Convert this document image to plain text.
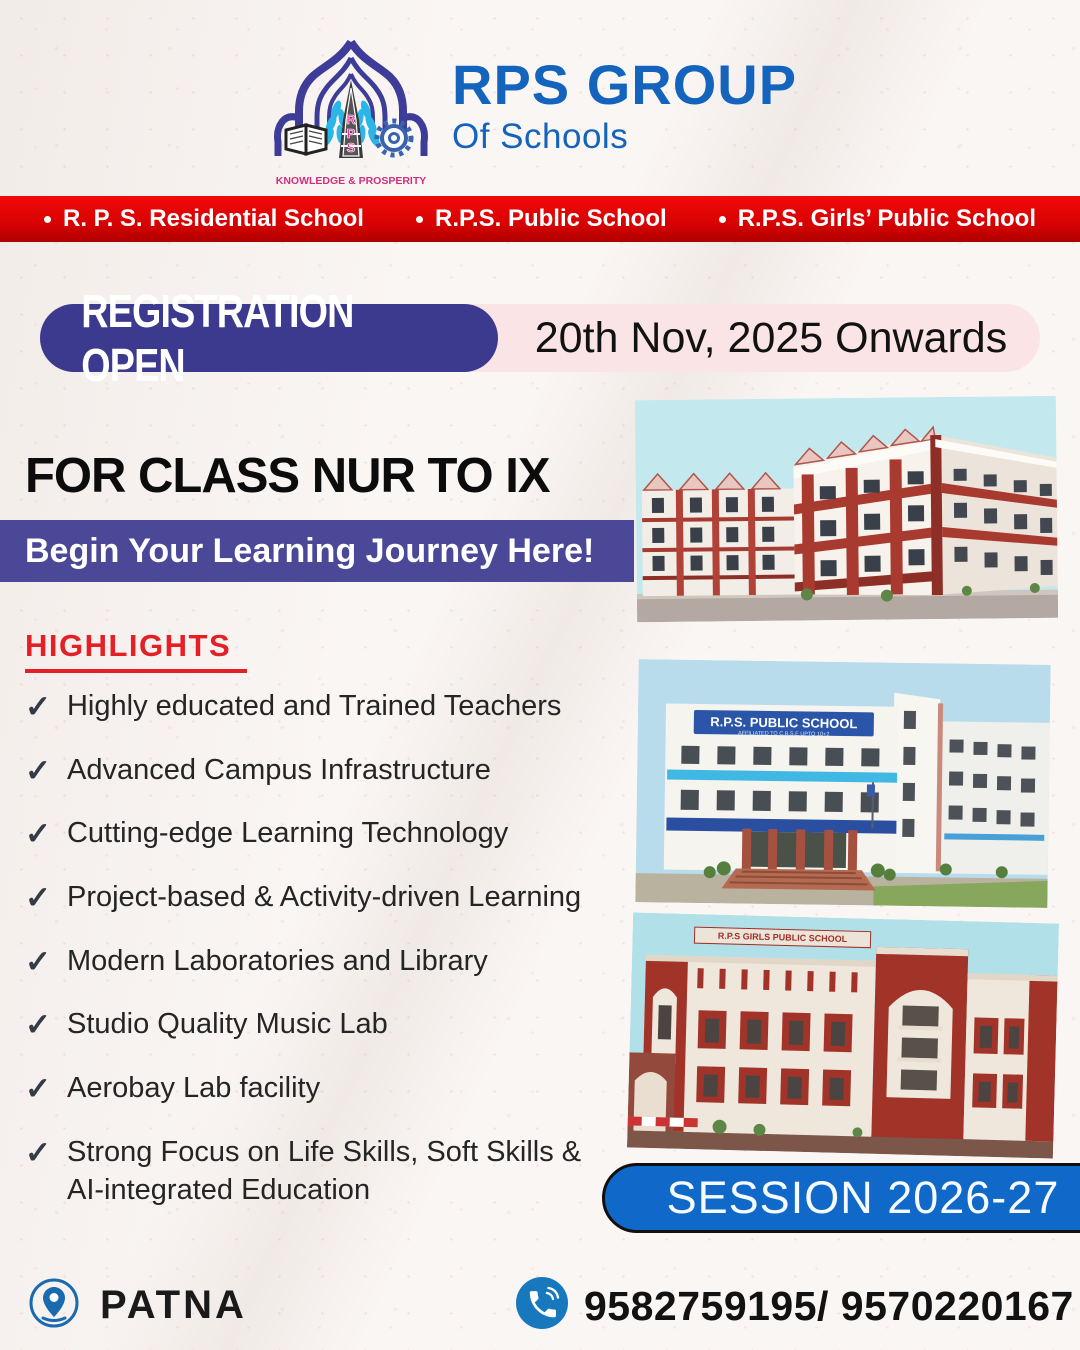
R
P
S
KNOWLEDGE & PROSPERITY
RPS GROUP
Of Schools
R. P. S. Residential School	R.P.S. Public School	R.P.S. Girls’ Public School
REGISTRATION OPEN
20th Nov, 2025 Onwards
FOR CLASS NUR TO IX
Begin Your Learning Journey Here!
HIGHLIGHTS
✓ Highly educated and Trained Teachers
✓ Advanced Campus Infrastructure
✓ Cutting-edge Learning Technology
✓ Project-based & Activity-driven Learning
✓ Modern Laboratories and Library
✓ Studio Quality Music Lab
✓ Aerobay Lab facility
✓ Strong Focus on Life Skills, Soft Skills & AI-integrated Education
R.P.S. PUBLIC SCHOOL
AFFILIATED TO C.B.S.E UPTO 10+2
R.P.S GIRLS PUBLIC SCHOOL
SESSION 2026-27
PATNA	9582759195/ 9570220167
